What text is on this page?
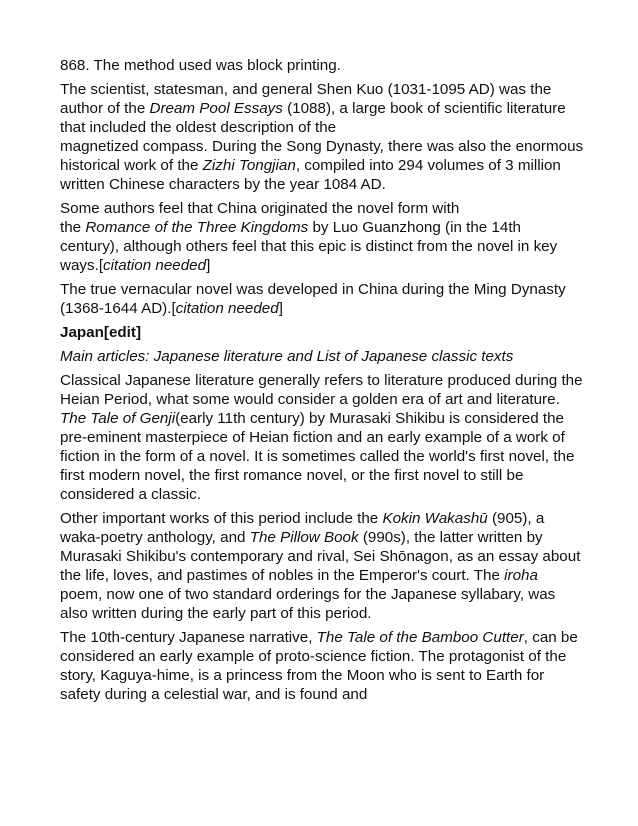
868. The method used was block printing.

The scientist, statesman, and general Shen Kuo (1031-1095 AD) was the author of the Dream Pool Essays (1088), a large book of scientific literature that included the oldest description of the
magnetized compass. During the Song Dynasty, there was also the enormous historical work of the Zizhi Tongjian, compiled into 294 volumes of 3 million written Chinese characters by the year 1084 AD.

Some authors feel that China originated the novel form with
the Romance of the Three Kingdoms by Luo Guanzhong (in the 14th century), although others feel that this epic is distinct from the novel in key ways.[citation needed]

The true vernacular novel was developed in China during the Ming Dynasty (1368-1644 AD).[citation needed]

Japan[edit]

Main articles: Japanese literature and List of Japanese classic texts

Classical Japanese literature generally refers to literature produced during the Heian Period, what some would consider a golden era of art and literature. The Tale of Genji(early 11th century) by Murasaki Shikibu is considered the pre-eminent masterpiece of Heian fiction and an early example of a work of fiction in the form of a novel. It is sometimes called the world's first novel, the first modern novel, the first romance novel, or the first novel to still be considered a classic.

Other important works of this period include the Kokin Wakashū (905), a waka-poetry anthology, and The Pillow Book (990s), the latter written by Murasaki Shikibu's contemporary and rival, Sei Shōnagon, as an essay about the life, loves, and pastimes of nobles in the Emperor's court. The iroha poem, now one of two standard orderings for the Japanese syllabary, was also written during the early part of this period.

The 10th-century Japanese narrative, The Tale of the Bamboo Cutter, can be considered an early example of proto-science fiction. The protagonist of the story, Kaguya-hime, is a princess from the Moon who is sent to Earth for safety during a celestial war, and is found and
